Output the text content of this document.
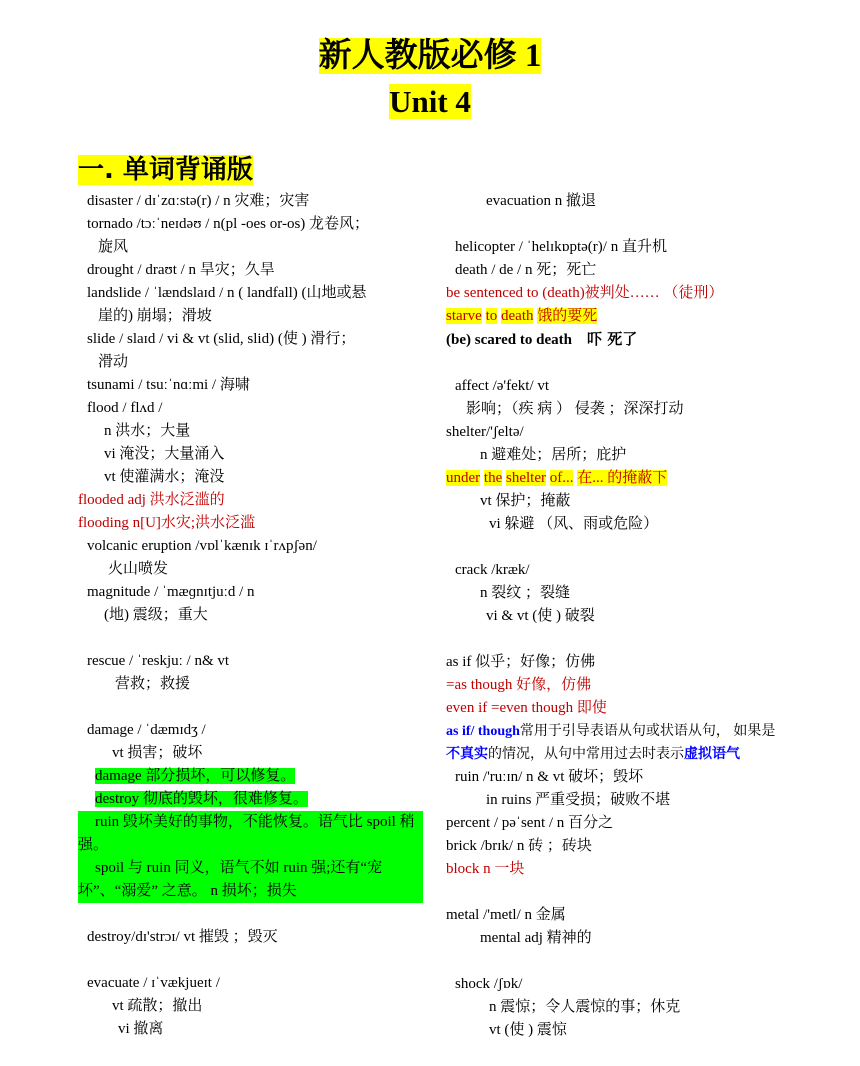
新人教版必修 1
Unit 4
一. 单词背诵版

disaster / dɪˈzɑːstə(r) / n 灾难；灾害

tornado /tɔːˈneɪdəʊ / n(pl -oes or-os) 龙卷风；

旋风

drought / draʊt / n 旱灾；久旱

landslide / ˈlændslaɪd / n ( landfall) (山地或悬

崖的) 崩塌；滑坡

slide / slaɪd / vi & vt (slid, slid) (使 ) 滑行；

滑动

tsunami / tsuːˈnɑːmi / 海啸

flood / flʌd /

n 洪水；大量

vi 淹没；大量涌入

vt 使灌满水；淹没

flooded adj 洪水泛滥的

flooding n[U]水灾;洪水泛滥

volcanic eruption /vɒlˈkænɪk ɪˈrʌpʃən/

火山喷发

magnitude / ˈmæɡnɪtjuːd / n

(地) 震级；重大

rescue / ˈreskjuː / n& vt

营救；救援

damage / ˈdæmɪdʒ /

vt 损害；破坏

damage 部分损坏，可以修复。

destroy 彻底的毁坏，很难修复。

ruin 毁坏美好的事物，不能恢复。语气比 spoil 稍强。

spoil 与 ruin 同义，语气不如 ruin 强;还有“宠坏”、“溺爱” 之意。 n 损坏；损失

destroy/dɪ'strɔɪ/ vt 摧毁 ；毁灭

evacuate / ɪˈvækjueɪt /

vt 疏散；撤出

vi 撤离

evacuation n 撤退

helicopter / ˈhelɪkɒptə(r)/ n 直升机

death / de / n 死；死亡

be sentenced to (death)被判处…… （徒刑）

starve to death 饿的要死

(be) scared to death 吓 死了

affect /ə'fekt/ vt

影响；（疾 病 ） 侵袭 ；深深打动

shelter/'ʃeltə/

n 避难处；居所；庇护

under the shelter of... 在... 的掩蔽下

vt 保护；掩蔽

vi 躲避 （风、雨或危险）

crack /kræk/

n 裂纹 ；裂缝

vi & vt (使 ) 破裂

as if 似乎；好像；仿佛

=as though 好像，仿佛

even if =even though 即使

as if/ though常用于引导表语从句或状语从句， 如果是不真实的情况，从句中常用过去时表示虚拟语气

ruin /'ruːɪn/ n & vt 破坏；毁坏

in ruins 严重受损；破败不堪

percent / pəˈsent / n 百分之

brick /brɪk/ n 砖 ；砖块

block n 一块

metal /'metl/ n 金属

mental adj 精神的

shock /ʃɒk/

n 震惊；令人震惊的事；休克

vt (使 ) 震惊
